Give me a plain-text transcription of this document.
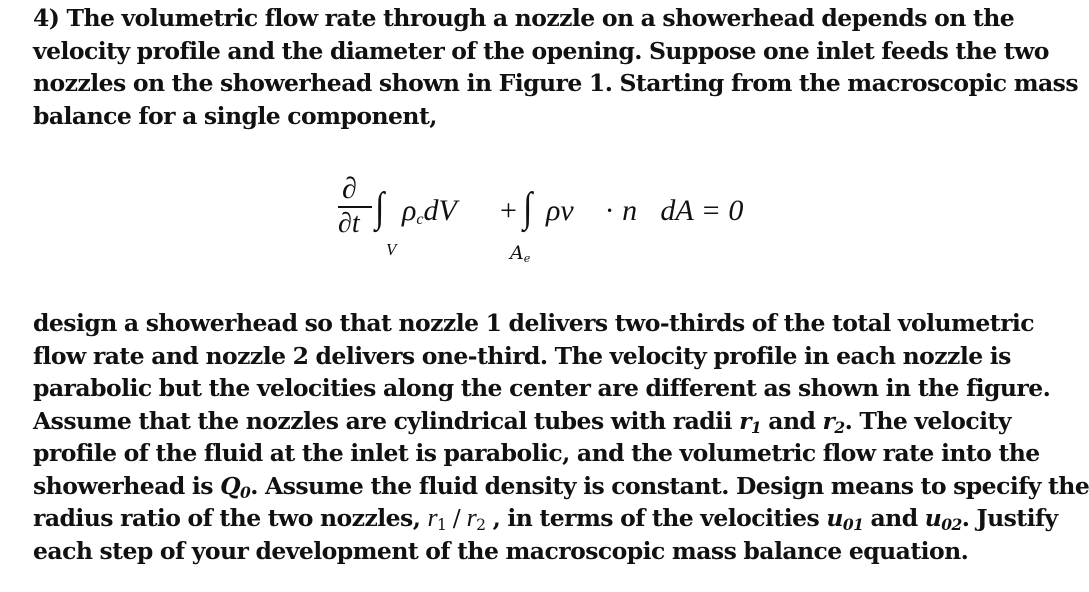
4) The volumetric flow rate through a nozzle on a showerhead depends on the
velocity profile and the diameter of the opening. Suppose one inlet feeds the two
nozzles on the showerhead shown in Figure 1. Starting from the macroscopic mass
balance for a single component,
∂
∂t ∫
V
$\rho_cdV$ + ∫
$A_e$
ρv⃗ · n⃗dA = 0
design a showerhead so that nozzle 1 delivers two-thirds of the total volumetric
flow rate and nozzle 2 delivers one-third. The velocity profile in each nozzle is
parabolic but the velocities along the center are different as shown in the figure.
Assume that the nozzles are cylindrical tubes with radii $r_1$ and $r_2$. The velocity
profile of the fluid at the inlet is parabolic, and the volumetric flow rate into the
showerhead is $Q_0$. Assume the fluid density is constant. Design means to specify the
radius ratio of the two nozzles, $r_1 / r_2$ , in terms of the velocities $u_{01}$ and $u_{02}$. Justify
each step of your development of the macroscopic mass balance equation.
